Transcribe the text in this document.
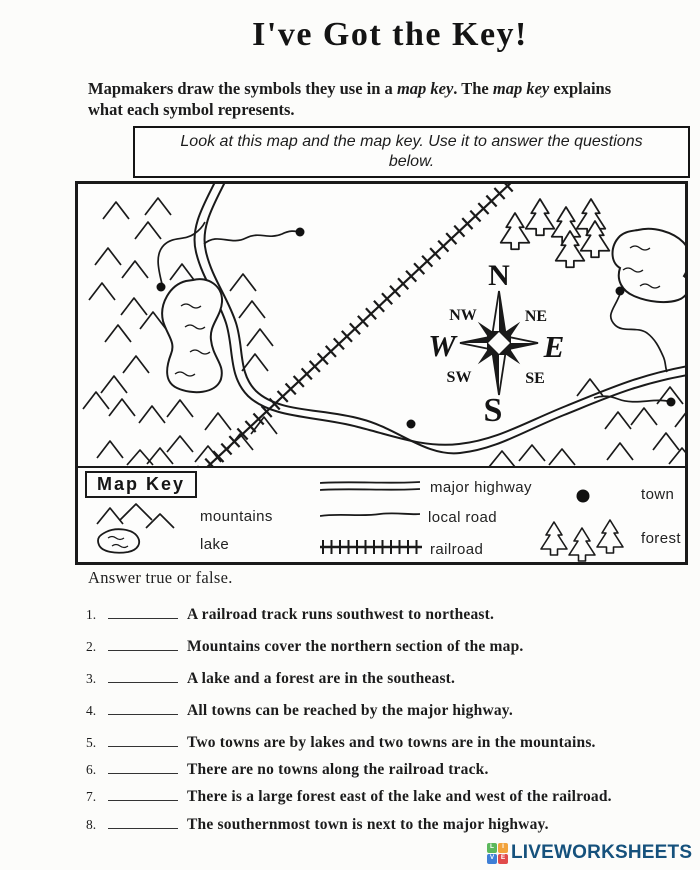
I've Got the Key!
Mapmakers draw the symbols they use in a map key. The map key explains
what each symbol represents.
Look at this map and the map key. Use it to answer the questions
below.
N
S
W	E
NW	NE
SW	SE
Map Key
mountains
lake
major highway
local road
railroad
town
forest
Answer true or false.
1.	A railroad track runs southwest to northeast.
2.	Mountains cover the northern section of the map.
3.	A lake and a forest are in the southeast.
4.	All towns can be reached by the major highway.
5.	Two towns are by lakes and two towns are in the mountains.
6.	There are no towns along the railroad track.
7.	There is a large forest east of the lake and west of the railroad.
8.	The southernmost town is next to the major highway.
L	I
V	E LIVEWORKSHEETS
